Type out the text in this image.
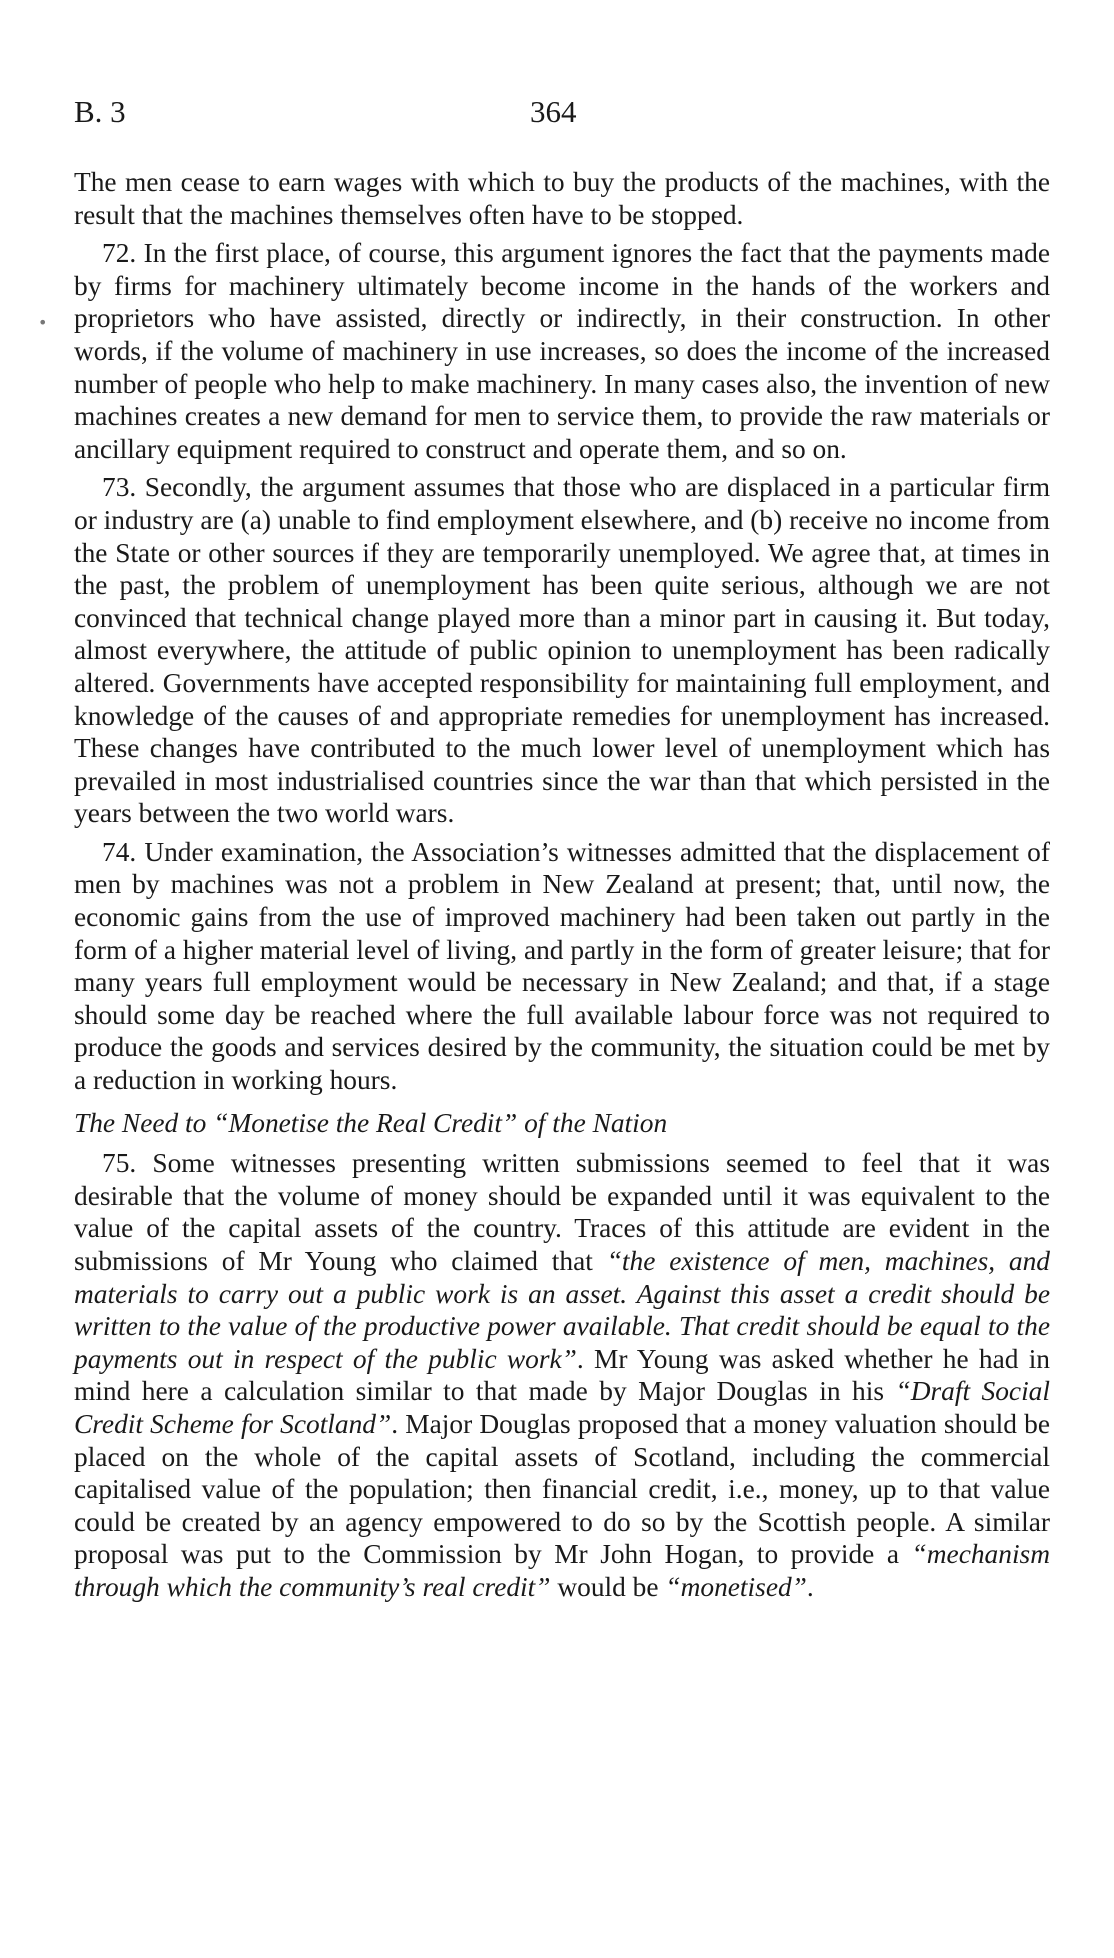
•
B. 3	364

The men cease to earn wages with which to buy the products of the machines, with the result that the machines themselves often have to be stopped.

72. In the first place, of course, this argument ignores the fact that the payments made by firms for machinery ultimately become income in the hands of the workers and proprietors who have assisted, directly or indirectly, in their construction. In other words, if the volume of machinery in use increases, so does the income of the increased number of people who help to make machinery. In many cases also, the invention of new machines creates a new demand for men to service them, to provide the raw materials or ancillary equipment required to construct and operate them, and so on.

73. Secondly, the argument assumes that those who are displaced in a particular firm or industry are (a) unable to find employment elsewhere, and (b) receive no income from the State or other sources if they are temporarily unemployed. We agree that, at times in the past, the problem of unemployment has been quite serious, although we are not convinced that technical change played more than a minor part in causing it. But today, almost everywhere, the attitude of public opinion to unemployment has been radically altered. Governments have accepted responsibility for maintaining full employment, and knowledge of the causes of and appropriate remedies for unemployment has increased. These changes have contributed to the much lower level of unemployment which has prevailed in most industrialised countries since the war than that which persisted in the years between the two world wars.

74. Under examination, the Association’s witnesses admitted that the displacement of men by machines was not a problem in New Zealand at present; that, until now, the economic gains from the use of improved machinery had been taken out partly in the form of a higher material level of living, and partly in the form of greater leisure; that for many years full employment would be necessary in New Zealand; and that, if a stage should some day be reached where the full available labour force was not required to produce the goods and services desired by the community, the situation could be met by a reduction in working hours.

The Need to “Monetise the Real Credit” of the Nation

75. Some witnesses presenting written submissions seemed to feel that it was desirable that the volume of money should be expanded until it was equivalent to the value of the capital assets of the country. Traces of this attitude are evident in the submissions of Mr Young who claimed that “the existence of men, machines, and materials to carry out a public work is an asset. Against this asset a credit should be written to the value of the productive power available. That credit should be equal to the payments out in respect of the public work”. Mr Young was asked whether he had in mind here a calculation similar to that made by Major Douglas in his “Draft Social Credit Scheme for Scotland”. Major Douglas proposed that a money valuation should be placed on the whole of the capital assets of Scotland, including the commercial capitalised value of the population; then financial credit, i.e., money, up to that value could be created by an agency empowered to do so by the Scottish people. A similar proposal was put to the Commission by Mr John Hogan, to provide a “mechanism through which the community’s real credit” would be “monetised”.
